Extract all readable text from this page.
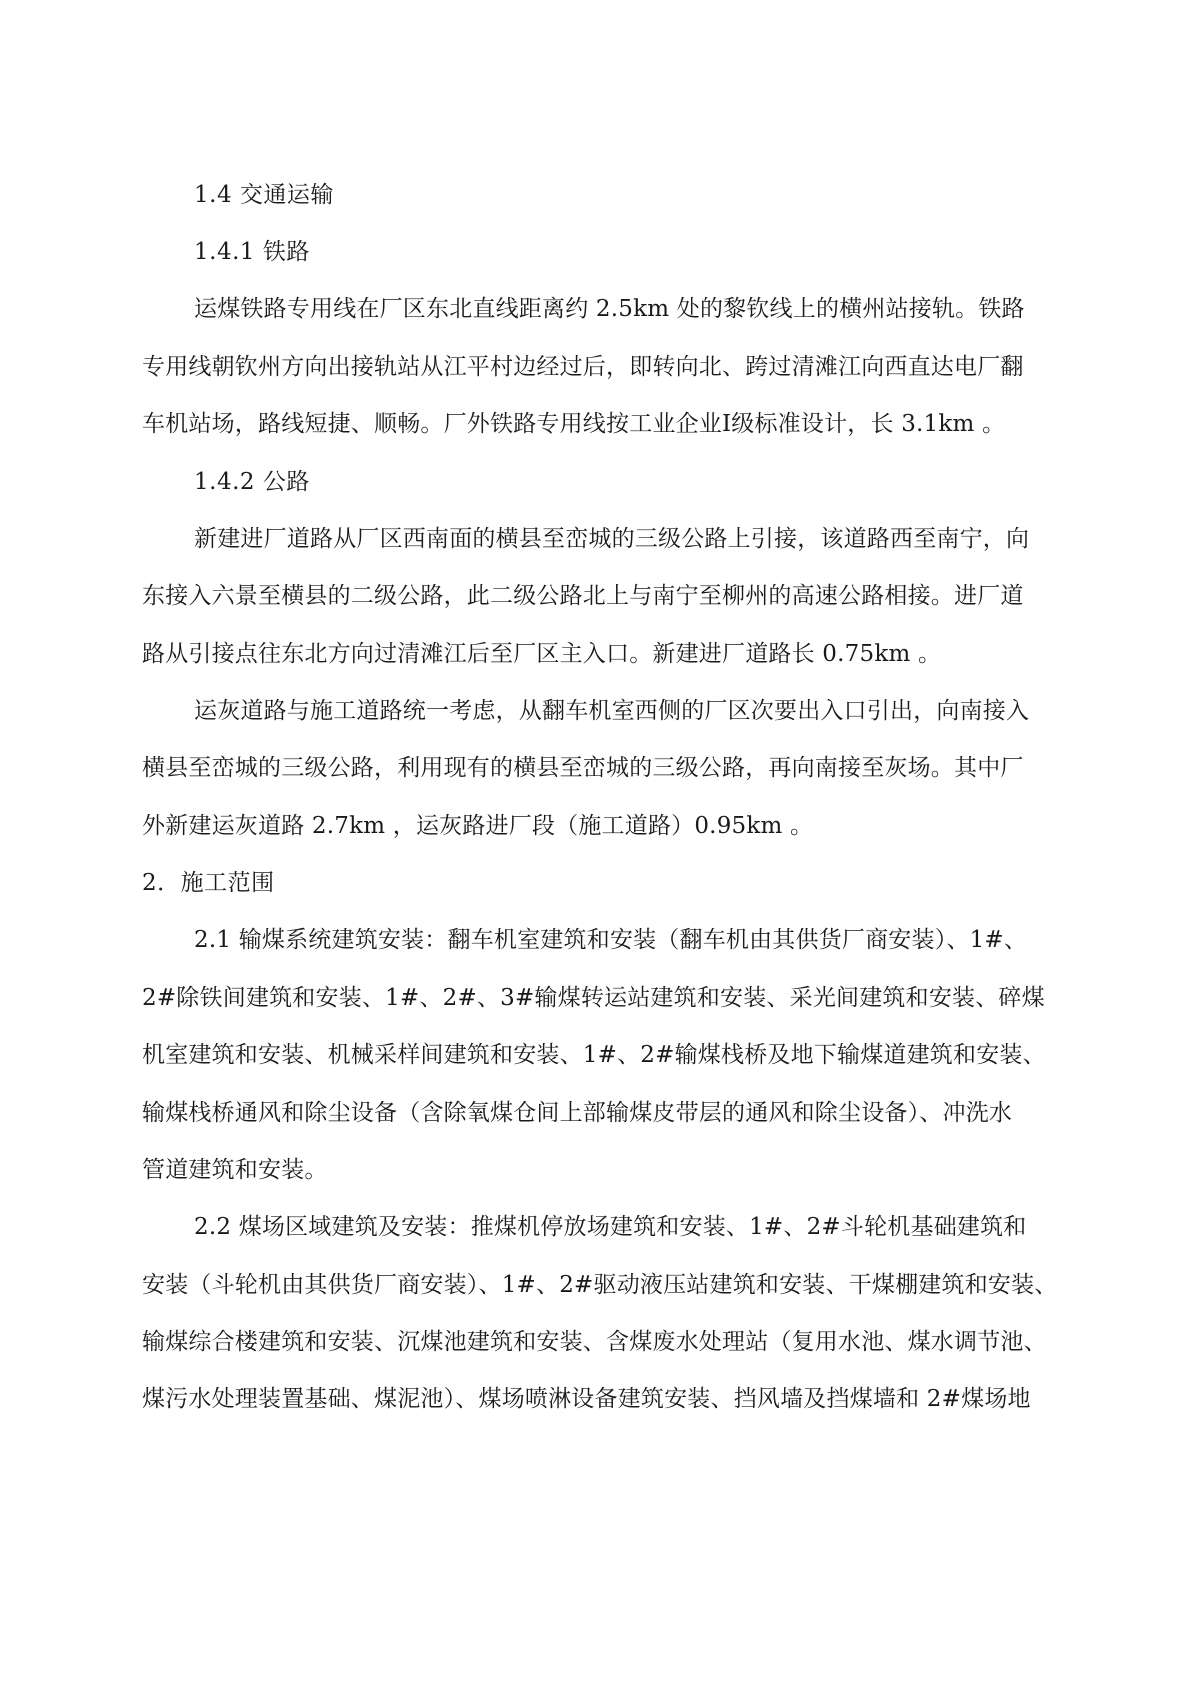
1.4 交通运输
1.4.1 铁路
运煤铁路专用线在厂区东北直线距离约 2.5km 处的黎钦线上的横州站接轨。铁路
专用线朝钦州方向出接轨站从江平村边经过后，即转向北、跨过清滩江向西直达电厂翻
车机站场，路线短捷、顺畅。厂外铁路专用线按工业企业Ⅰ级标准设计，长 3.1km 。
1.4.2 公路
新建进厂道路从厂区西南面的横县至峦城的三级公路上引接，该道路西至南宁，向
东接入六景至横县的二级公路，此二级公路北上与南宁至柳州的高速公路相接。进厂道
路从引接点往东北方向过清滩江后至厂区主入口。新建进厂道路长 0.75km 。
运灰道路与施工道路统一考虑，从翻车机室西侧的厂区次要出入口引出，向南接入
横县至峦城的三级公路，利用现有的横县至峦城的三级公路，再向南接至灰场。其中厂
外新建运灰道路 2.7km ，运灰路进厂段（施工道路）0.95km 。
2．施工范围
2.1 输煤系统建筑安装：翻车机室建筑和安装（翻车机由其供货厂商安装）、1#、
2#除铁间建筑和安装、1#、2#、3#输煤转运站建筑和安装、采光间建筑和安装、碎煤
机室建筑和安装、机械采样间建筑和安装、1#、2#输煤栈桥及地下输煤道建筑和安装、
输煤栈桥通风和除尘设备（含除氧煤仓间上部输煤皮带层的通风和除尘设备）、冲洗水
管道建筑和安装。
2.2 煤场区域建筑及安装：推煤机停放场建筑和安装、1#、2#斗轮机基础建筑和
安装（斗轮机由其供货厂商安装）、1#、2#驱动液压站建筑和安装、干煤棚建筑和安装、
输煤综合楼建筑和安装、沉煤池建筑和安装、含煤废水处理站（复用水池、煤水调节池、
煤污水处理装置基础、煤泥池）、煤场喷淋设备建筑安装、挡风墙及挡煤墙和 2#煤场地
